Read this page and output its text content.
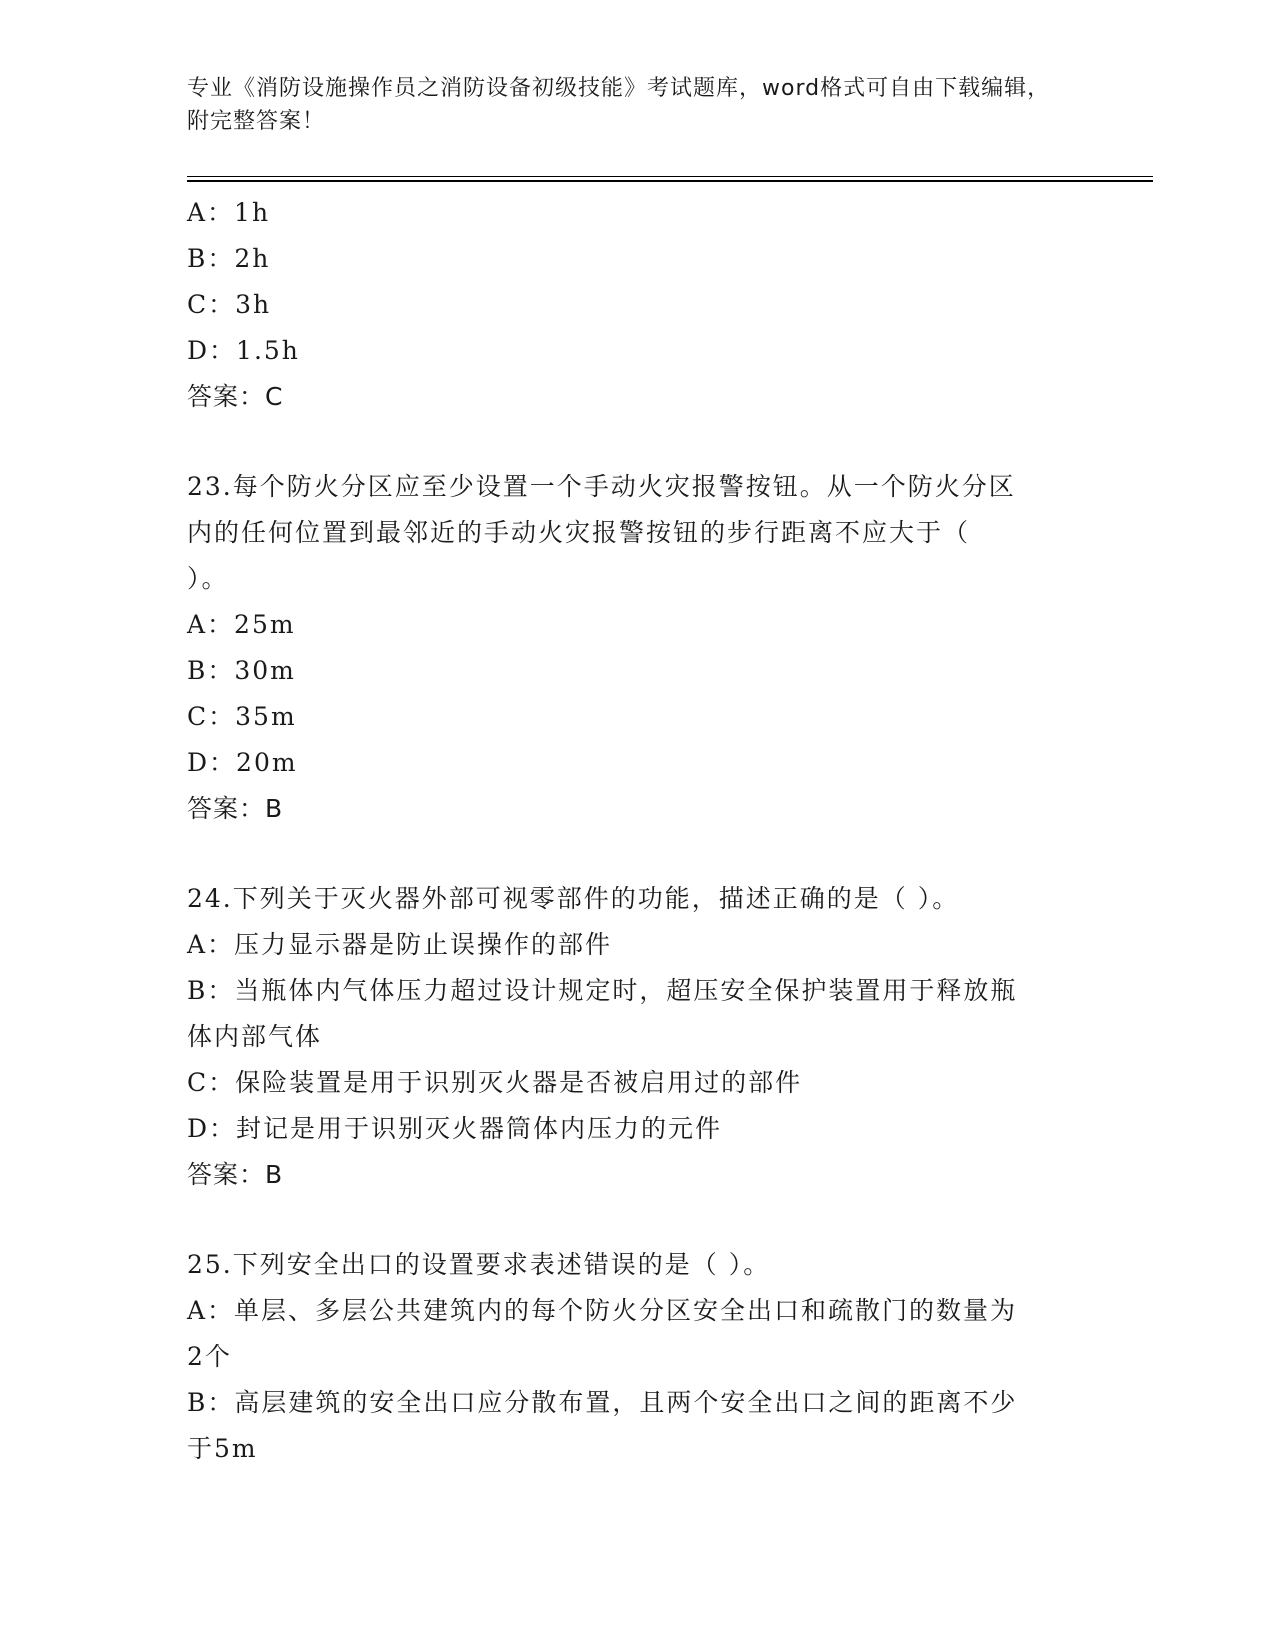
专业《消防设施操作员之消防设备初级技能》考试题库，word格式可自由下载编辑，附完整答案！
A：1h
B：2h
C：3h
D：1.5h
答案：C
23.每个防火分区应至少设置一个手动火灾报警按钮。从一个防火分区
内的任何位置到最邻近的手动火灾报警按钮的步行距离不应大于（
）。
A：25m
B：30m
C：35m
D：20m
答案：B
24.下列关于灭火器外部可视零部件的功能，描述正确的是（ ）。
A：压力显示器是防止误操作的部件
B：当瓶体内气体压力超过设计规定时，超压安全保护装置用于释放瓶
体内部气体
C：保险装置是用于识别灭火器是否被启用过的部件
D：封记是用于识别灭火器筒体内压力的元件
答案：B
25.下列安全出口的设置要求表述错误的是（ ）。
A：单层、多层公共建筑内的每个防火分区安全出口和疏散门的数量为
2个
B：高层建筑的安全出口应分散布置，且两个安全出口之间的距离不少
于5m
